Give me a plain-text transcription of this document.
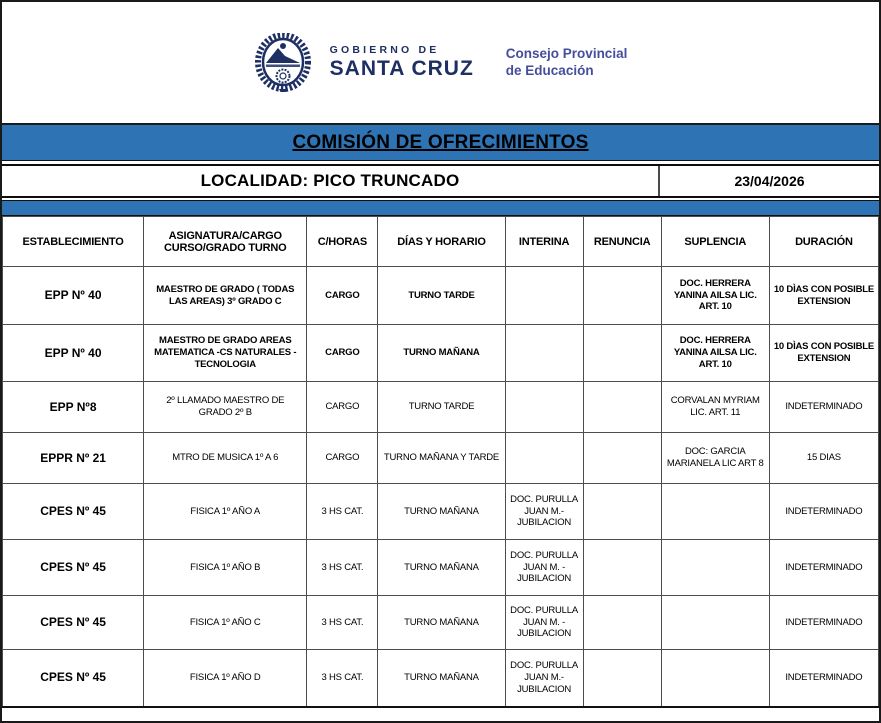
GOBIERNO DE
SANTA CRUZ
Consejo Provincial
de Educación
COMISIÓN DE OFRECIMIENTOS
LOCALIDAD: PICO TRUNCADO	23/04/2026
ESTABLECIMIENTO	ASIGNATURA/CARGO CURSO/GRADO TURNO	C/HORAS	DÍAS Y HORARIO	INTERINA	RENUNCIA	SUPLENCIA	DURACIÓN
EPP Nº 40	MAESTRO DE GRADO ( TODAS LAS AREAS) 3º GRADO C	CARGO	TURNO TARDE			DOC. HERRERA YANINA AILSA LIC. ART. 10	10 DÌAS CON POSIBLE EXTENSION
EPP Nº 40	MAESTRO DE GRADO AREAS MATEMATICA -CS NATURALES -TECNOLOGIA	CARGO	TURNO MAÑANA			DOC. HERRERA YANINA AILSA LIC. ART. 10	10 DÌAS CON POSIBLE EXTENSION
EPP Nº8	2º LLAMADO MAESTRO DE GRADO 2º B	CARGO	TURNO TARDE			CORVALAN MYRIAM LIC. ART. 11	INDETERMINADO
EPPR Nº 21	MTRO DE MUSICA 1º A 6	CARGO	TURNO MAÑANA Y TARDE			DOC: GARCIA MARIANELA LIC ART 8	15 DIAS
CPES Nº 45	FISICA 1º AÑO A	3 HS CAT.	TURNO MAÑANA	DOC. PURULLA JUAN M.- JUBILACION			INDETERMINADO
CPES Nº 45	FISICA 1º AÑO B	3 HS CAT.	TURNO MAÑANA	DOC. PURULLA JUAN M. -JUBILACION			INDETERMINADO
CPES Nº 45	FISICA 1º AÑO C	3 HS CAT.	TURNO MAÑANA	DOC. PURULLA JUAN M. -JUBILACION			INDETERMINADO
CPES Nº 45	FISICA 1º AÑO D	3 HS CAT.	TURNO MAÑANA	DOC. PURULLA JUAN M.- JUBILACION			INDETERMINADO
